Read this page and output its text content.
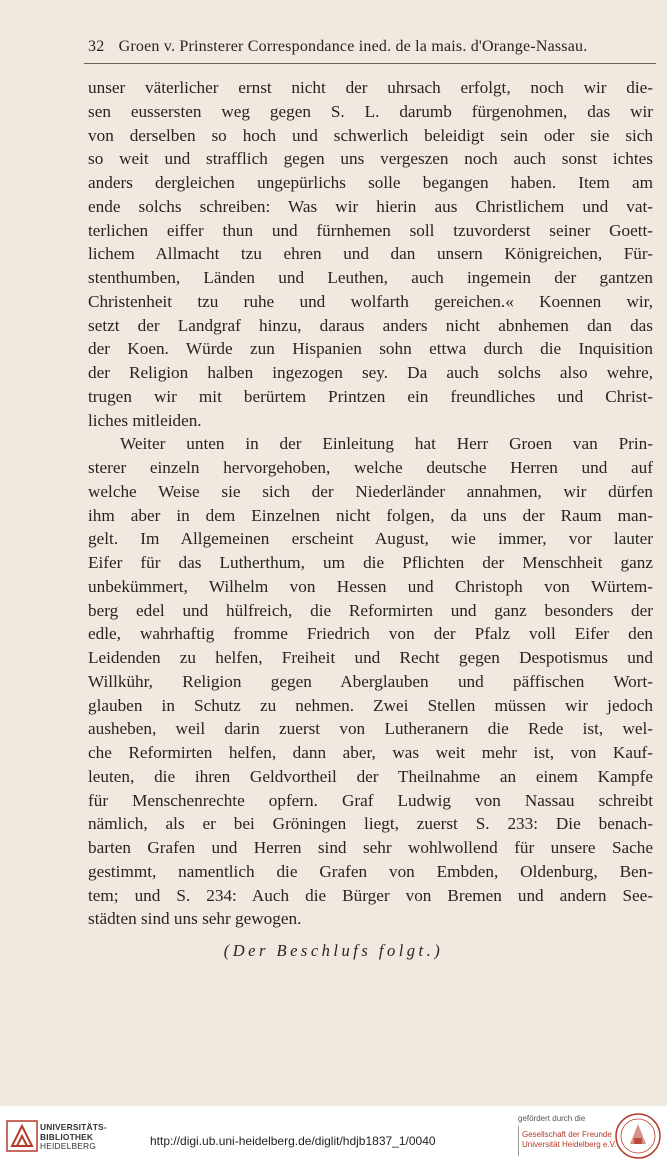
32 Groen v. Prinsterer Correspondance ined. de la mais. d'Orange-Nassau.
unser väterlicher ernst nicht der uhrsach erfolgt, noch wir die-
sen eussersten weg gegen S. L. darumb fürgenohmen, das wir
von derselben so hoch und schwerlich beleidigt sein oder sie sich
so weit und strafflich gegen uns vergeszen noch auch sonst ichtes
anders dergleichen ungepürlichs solle begangen haben. Item am
ende solchs schreiben: Was wir hierin aus Christlichem und vat-
terlichen eiffer thun und fürnhemen soll tzuvorderst seiner Goett-
lichem Allmacht tzu ehren und dan unsern Königreichen, Für-
stenthumben, Länden und Leuthen, auch ingemein der gantzen
Christenheit tzu ruhe und wolfarth gereichen.« Koennen wir,
setzt der Landgraf hinzu, daraus anders nicht abnhemen dan das
der Koen. Würde zun Hispanien sohn ettwa durch die Inquisition
der Religion halben ingezogen sey. Da auch solchs also wehre,
trugen wir mit berürtem Printzen ein freundliches und Christ-
liches mitleiden.
Weiter unten in der Einleitung hat Herr Groen van Prin-
sterer einzeln hervorgehoben, welche deutsche Herren und auf
welche Weise sie sich der Niederländer annahmen, wir dürfen
ihm aber in dem Einzelnen nicht folgen, da uns der Raum man-
gelt. Im Allgemeinen erscheint August, wie immer, vor lauter
Eifer für das Lutherthum, um die Pflichten der Menschheit ganz
unbekümmert, Wilhelm von Hessen und Christoph von Würtem-
berg edel und hülfreich, die Reformirten und ganz besonders der
edle, wahrhaftig fromme Friedrich von der Pfalz voll Eifer den
Leidenden zu helfen, Freiheit und Recht gegen Despotismus und
Willkühr, Religion gegen Aberglauben und päffischen Wort-
glauben in Schutz zu nehmen. Zwei Stellen müssen wir jedoch
ausheben, weil darin zuerst von Lutheranern die Rede ist, wel-
che Reformirten helfen, dann aber, was weit mehr ist, von Kauf-
leuten, die ihren Geldvortheil der Theilnahme an einem Kampfe
für Menschenrechte opfern. Graf Ludwig von Nassau schreibt
nämlich, als er bei Gröningen liegt, zuerst S. 233: Die benach-
barten Grafen und Herren sind sehr wohlwollend für unsere Sache
gestimmt, namentlich die Grafen von Embden, Oldenburg, Ben-
tem; und S. 234: Auch die Bürger von Bremen und andern See-
städten sind uns sehr gewogen.
(Der Beschlufs folgt.)
UNIVERSITÄTS-
BIBLIOTHEK
HEIDELBERG	http://digi.ub.uni-heidelberg.de/diglit/hdjb1837_1/0040
gefördert durch die
Gesellschaft der Freunde
Universität Heidelberg e.V.
